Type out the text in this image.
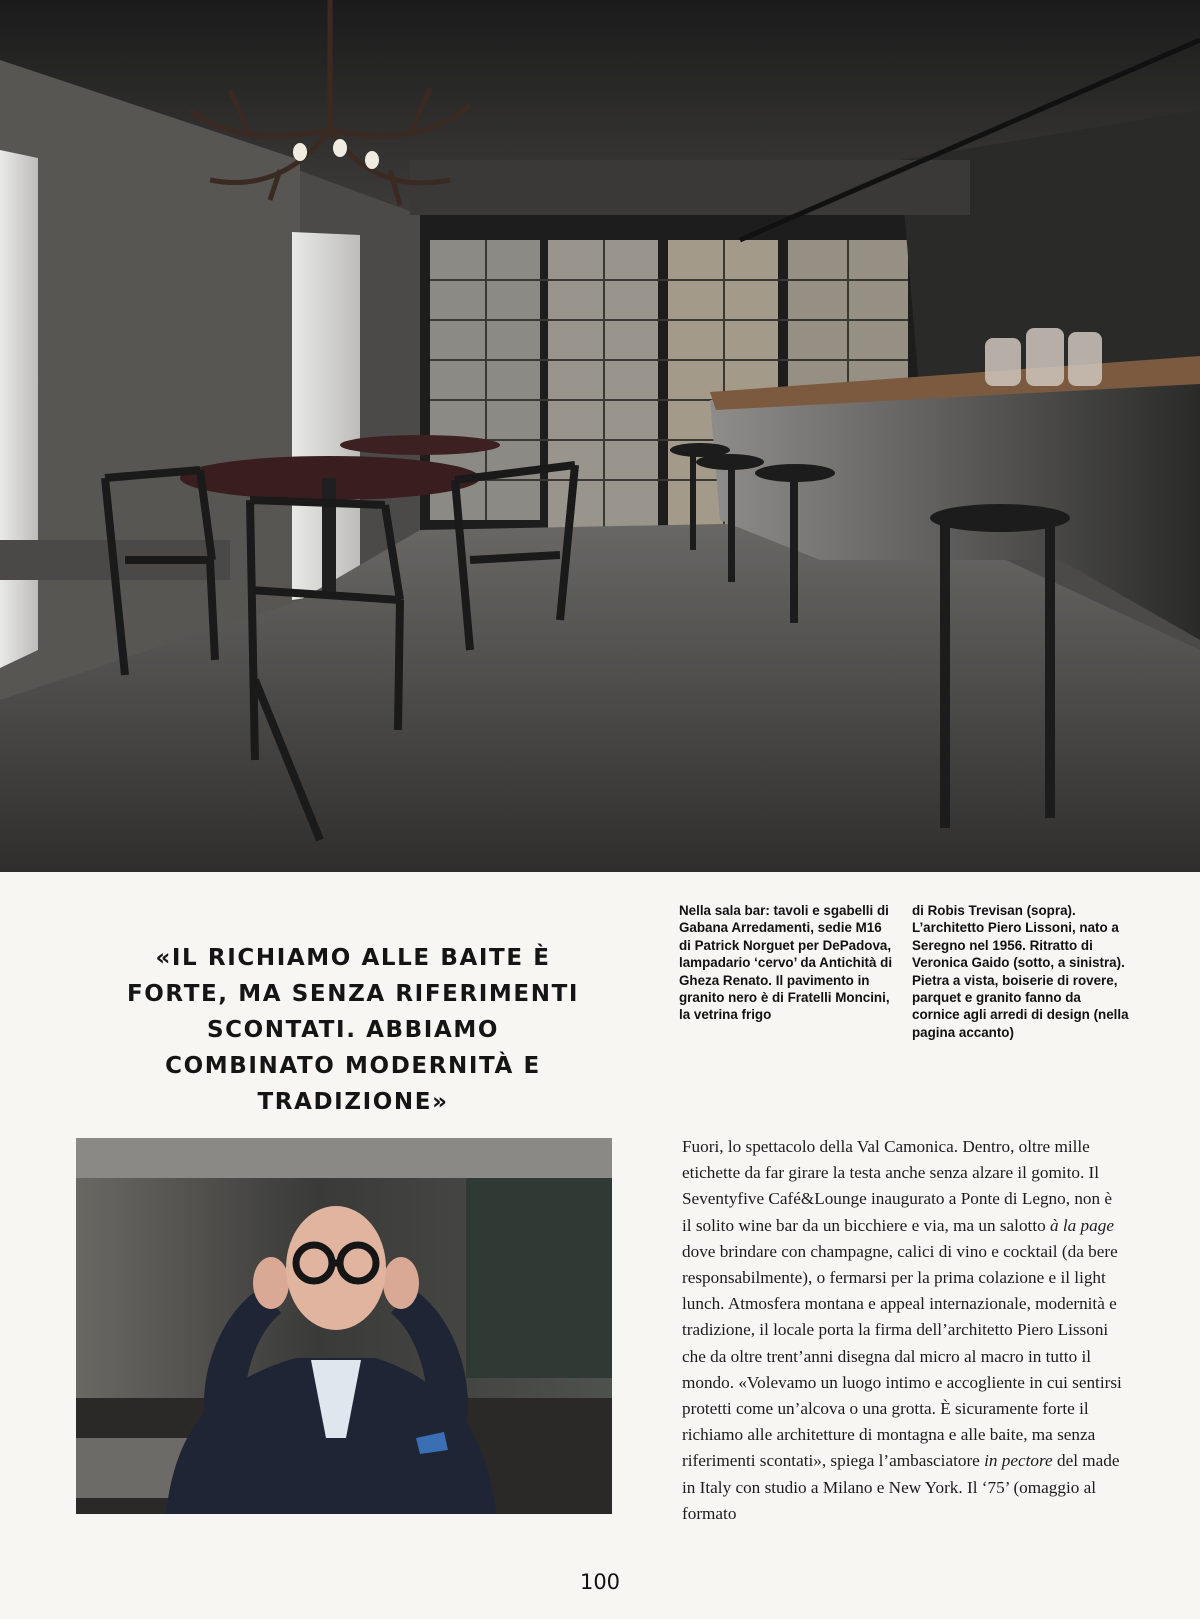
«IL RICHIAMO ALLE BAITE È FORTE, MA SENZA RIFERIMENTI SCONTATI. ABBIAMO COMBINATO MODERNITÀ E TRADIZIONE»

Nella sala bar: tavoli e sgabelli di Gabana Arredamenti, sedie M16 di Patrick Norguet per DePadova, lampadario ‘cervo’ da Antichità di Gheza Renato. Il pavimento in granito nero è di Fratelli Moncini, la vetrina frigo

di Robis Trevisan (sopra). L’architetto Piero Lissoni, nato a Seregno nel 1956. Ritratto di Veronica Gaido (sotto, a sinistra). Pietra a vista, boiserie di rovere, parquet e granito fanno da cornice agli arredi di design (nella pagina accanto)

Fuori, lo spettacolo della Val Camonica. Dentro, oltre mille etichette da far girare la testa anche senza alzare il gomito. Il Seventyfive Café&Lounge inaugurato a Ponte di Legno, non è il solito wine bar da un bicchiere e via, ma un salotto à la page dove brindare con champagne, calici di vino e cocktail (da bere responsabilmente), o fermarsi per la prima colazione e il light lunch. Atmosfera montana e appeal internazionale, modernità e tradizione, il locale porta la firma dell’architetto Piero Lissoni che da oltre trent’anni disegna dal micro al macro in tutto il mondo. «Volevamo un luogo intimo e accogliente in cui sentirsi protetti come un’alcova o una grotta. È sicuramente forte il richiamo alle architetture di montagna e alle baite, ma senza riferimenti scontati», spiega l’ambasciatore in pectore del made in Italy con studio a Milano e New York. Il ‘75’ (omaggio al formato

100
